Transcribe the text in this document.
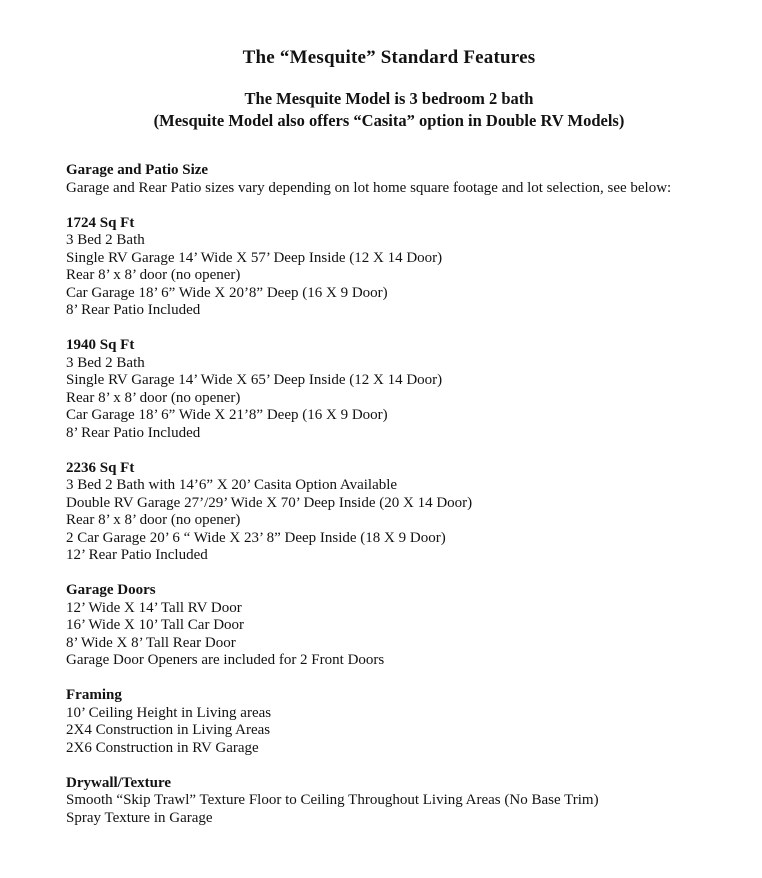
The “Mesquite” Standard Features

The Mesquite Model is 3 bedroom 2 bath

(Mesquite Model also offers “Casita” option in Double RV Models)

Garage and Patio Size

Garage and Rear Patio sizes vary depending on lot home square footage and lot selection, see below:

1724 Sq Ft

3 Bed 2 Bath

Single RV Garage 14’ Wide X 57’ Deep Inside (12 X 14 Door)

Rear 8’ x 8’ door (no opener)

Car Garage 18’ 6” Wide X 20’8” Deep (16 X 9 Door)

8’ Rear Patio Included

1940 Sq Ft

3 Bed 2 Bath

Single RV Garage 14’ Wide X 65’ Deep Inside (12 X 14 Door)

Rear 8’ x 8’ door (no opener)

Car Garage 18’ 6” Wide X 21’8” Deep (16 X 9 Door)

8’ Rear Patio Included

2236 Sq Ft

3 Bed 2 Bath with 14’6” X 20’ Casita Option Available

Double RV Garage 27’/29’ Wide X 70’ Deep Inside (20 X 14 Door)

Rear 8’ x 8’ door (no opener)

2 Car Garage 20’ 6 “ Wide X 23’ 8” Deep Inside (18 X 9 Door)

12’ Rear Patio Included

Garage Doors

12’ Wide X 14’ Tall RV Door

16’ Wide X 10’ Tall Car Door

8’ Wide X 8’ Tall Rear Door

Garage Door Openers are included for 2 Front Doors

Framing

10’ Ceiling Height in Living areas

2X4 Construction in Living Areas

2X6 Construction in RV Garage

Drywall/Texture

Smooth “Skip Trawl” Texture Floor to Ceiling Throughout Living Areas (No Base Trim)

Spray Texture in Garage
